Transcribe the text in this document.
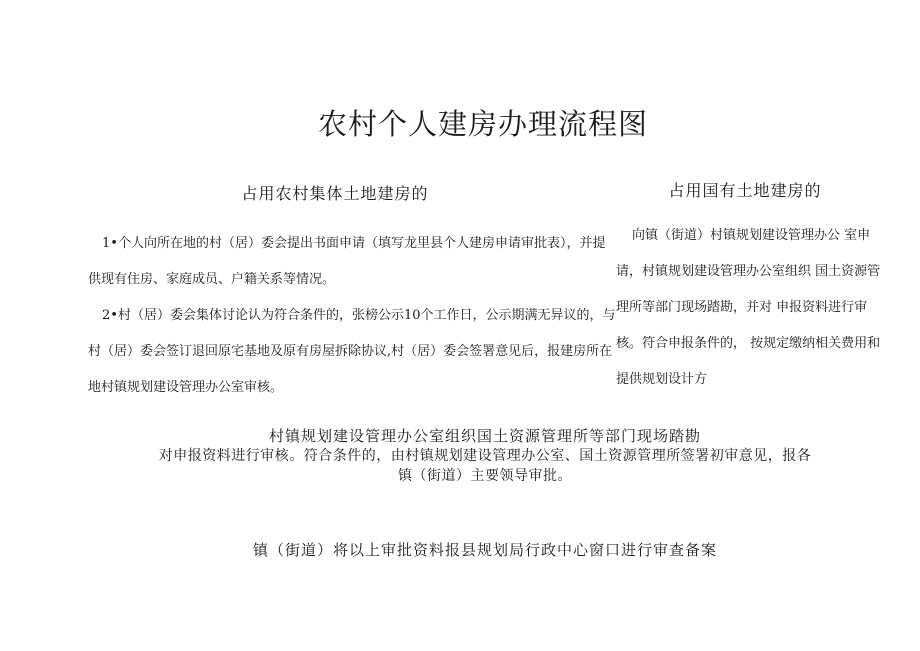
农村个人建房办理流程图
占用农村集体土地建房的	占用国有土地建房的

1•个人向所在地的村（居）委会提出书面申请（填写龙里县个人建房申请审批表），并提供现有住房、家庭成员、户籍关系等情况。

2•村（居）委会集体讨论认为符合条件的，张榜公示10个工作日，公示期满无异议的，与村（居）委会签订退回原宅基地及原有房屋拆除协议,村（居）委会签署意见后，报建房所在地村镇规划建设管理办公室审核。

向镇（街道）村镇规划建设管理办公 室申请，村镇规划建设管理办公室组织 国土资源管理所等部门现场踏勘，并对 申报资料进行审核。符合申报条件的， 按规定缴纳相关费用和提供规划设计方
村镇规划建设管理办公室组织国土资源管理所等部门现场踏勘
对申报资料进行审核。符合条件的，由村镇规划建设管理办公室、国土资源管理所签署初审意见，报各
镇（街道）主要领导审批。
镇（街道）将以上审批资料报县规划局行政中心窗口进行审查备案
